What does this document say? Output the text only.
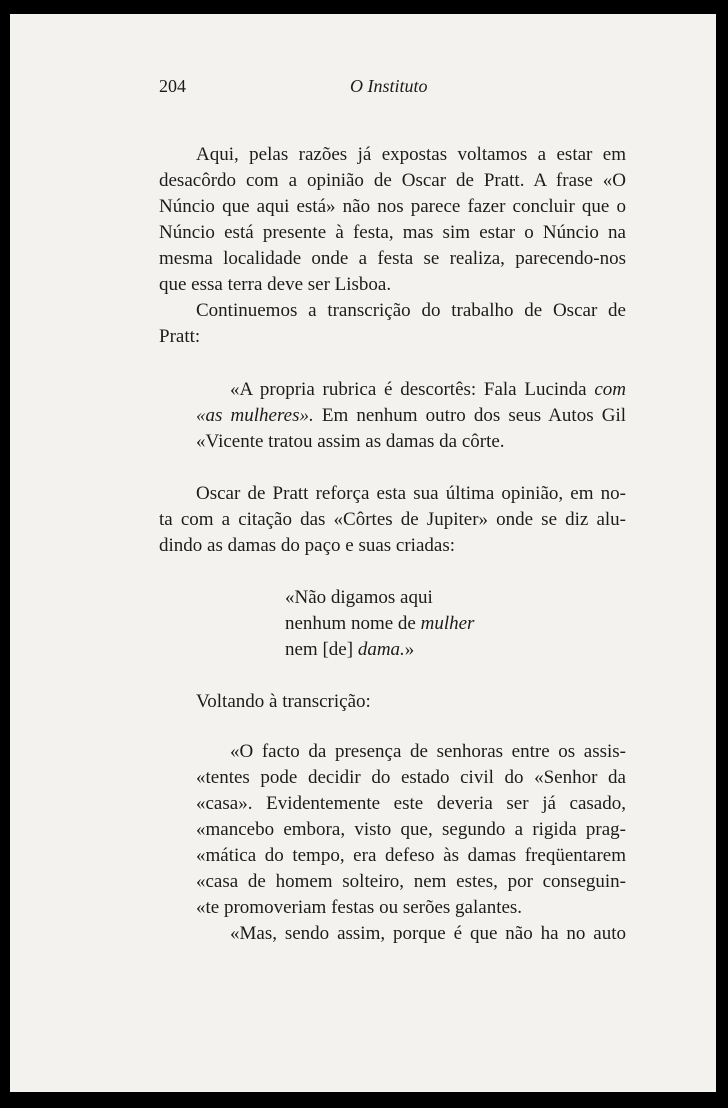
204	O Instituto
Aqui, pelas razões já expostas voltamos a estar em
desacôrdo com a opinião de Oscar de Pratt. A frase «O
Núncio que aqui está» não nos parece fazer concluir que o
Núncio está presente à festa, mas sim estar o Núncio na
mesma localidade onde a festa se realiza, parecendo-nos
que essa terra deve ser Lisboa.
Continuemos a transcrição do trabalho de Oscar de
Pratt:
«A propria rubrica é descortês: Fala Lucinda com
«as mulheres». Em nenhum outro dos seus Autos Gil
«Vicente tratou assim as damas da côrte.
Oscar de Pratt reforça esta sua última opinião, em no-
ta com a citação das «Côrtes de Jupiter» onde se diz alu-
dindo as damas do paço e suas criadas:
«Não digamos aqui
nenhum nome de mulher
nem [de] dama.»
Voltando à transcrição:
«O facto da presença de senhoras entre os assis-
«tentes pode decidir do estado civil do «Senhor da
«casa». Evidentemente este deveria ser já casado,
«mancebo embora, visto que, segundo a rigida prag-
«mática do tempo, era defeso às damas freqüentarem
«casa de homem solteiro, nem estes, por conseguin-
«te promoveriam festas ou serões galantes.
«Mas, sendo assim, porque é que não ha no auto
